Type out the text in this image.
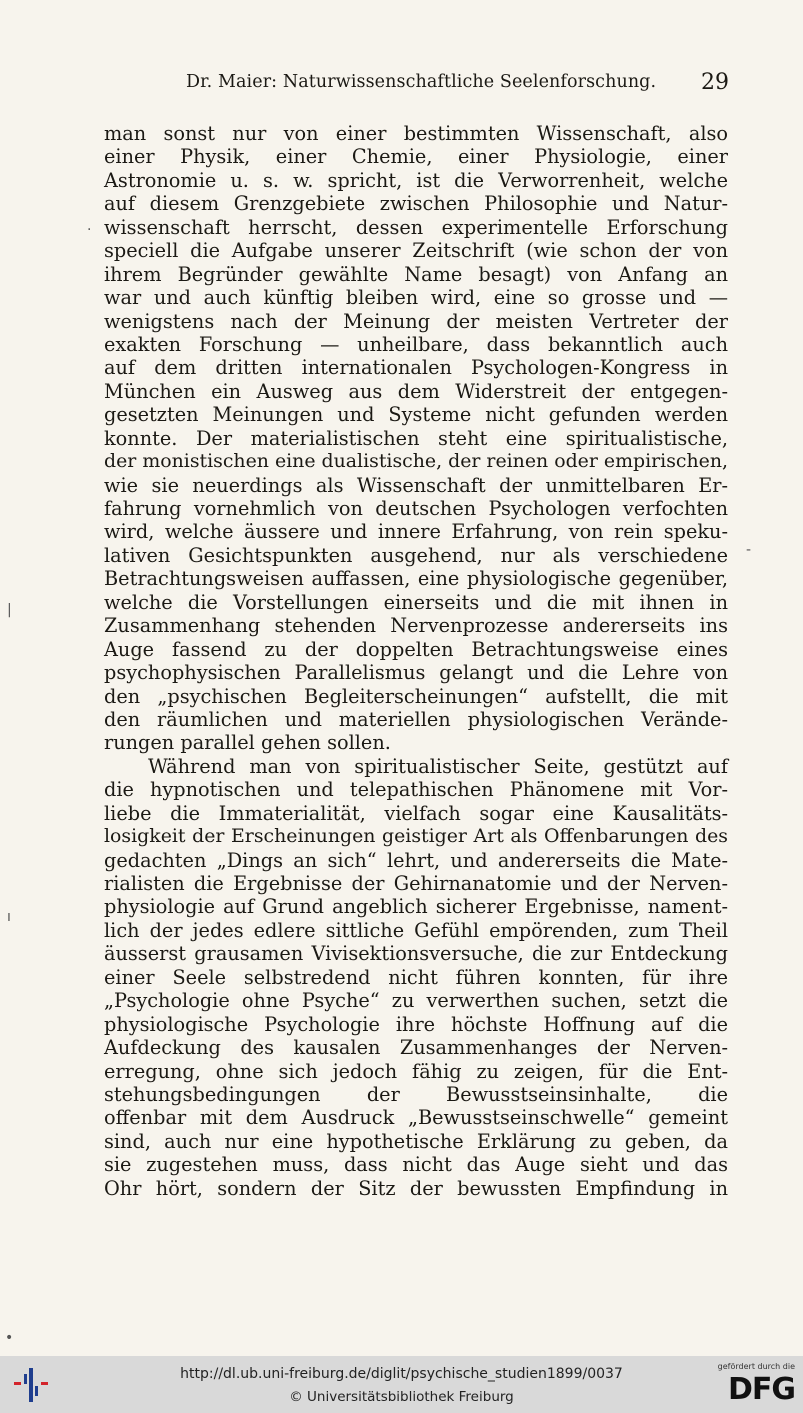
Dr. Maier: Naturwissenschaftliche Seelenforschung. 29
man sonst nur von einer bestimmten Wissenschaft, also
einer Physik, einer Chemie, einer Physiologie, einer
Astronomie u. s. w. spricht, ist die Verworrenheit, welche
auf diesem Grenzgebiete zwischen Philosophie und Natur-
wissenschaft herrscht, dessen experimentelle Erforschung
speciell die Aufgabe unserer Zeitschrift (wie schon der von
ihrem Begründer gewählte Name besagt) von Anfang an
war und auch künftig bleiben wird, eine so grosse und —
wenigstens nach der Meinung der meisten Vertreter der
exakten Forschung — unheilbare, dass bekanntlich auch
auf dem dritten internationalen Psychologen-Kongress in
München ein Ausweg aus dem Widerstreit der entgegen-
gesetzten Meinungen und Systeme nicht gefunden werden
konnte. Der materialistischen steht eine spiritualistische,
der monistischen eine dualistische, der reinen oder empirischen,
wie sie neuerdings als Wissenschaft der unmittelbaren Er-
fahrung vornehmlich von deutschen Psychologen verfochten
wird, welche äussere und innere Erfahrung, von rein speku-
lativen Gesichtspunkten ausgehend, nur als verschiedene
Betrachtungsweisen auffassen, eine physiologische gegenüber,
welche die Vorstellungen einerseits und die mit ihnen in
Zusammenhang stehenden Nervenprozesse andererseits ins
Auge fassend zu der doppelten Betrachtungsweise eines
psychophysischen Parallelismus gelangt und die Lehre von
den „psychischen Begleiterscheinungen“ aufstellt, die mit
den räumlichen und materiellen physiologischen Verände-
rungen parallel gehen sollen.
Während man von spiritualistischer Seite, gestützt auf
die hypnotischen und telepathischen Phänomene mit Vor-
liebe die Immaterialität, vielfach sogar eine Kausalitäts-
losigkeit der Erscheinungen geistiger Art als Offenbarungen des
gedachten „Dings an sich“ lehrt, und andererseits die Mate-
rialisten die Ergebnisse der Gehirnanatomie und der Nerven-
physiologie auf Grund angeblich sicherer Ergebnisse, nament-
lich der jedes edlere sittliche Gefühl empörenden, zum Theil
äusserst grausamen Vivisektionsversuche, die zur Entdeckung
einer Seele selbstredend nicht führen konnten, für ihre
„Psychologie ohne Psyche“ zu verwerthen suchen, setzt die
physiologische Psychologie ihre höchste Hoffnung auf die
Aufdeckung des kausalen Zusammenhanges der Nerven-
erregung, ohne sich jedoch fähig zu zeigen, für die Ent-
stehungsbedingungen der Bewusstseinsinhalte, die
offenbar mit dem Ausdruck „Bewusstseinschwelle“ gemeint
sind, auch nur eine hypothetische Erklärung zu geben, da
sie zugestehen muss, dass nicht das Auge sieht und das
Ohr hört, sondern der Sitz der bewussten Empfindung in
·
-
|
ı
•
http://dl.ub.uni-freiburg.de/diglit/psychische_studien1899/0037
© Universitätsbibliothek Freiburg
gefördert durch die
DFG
